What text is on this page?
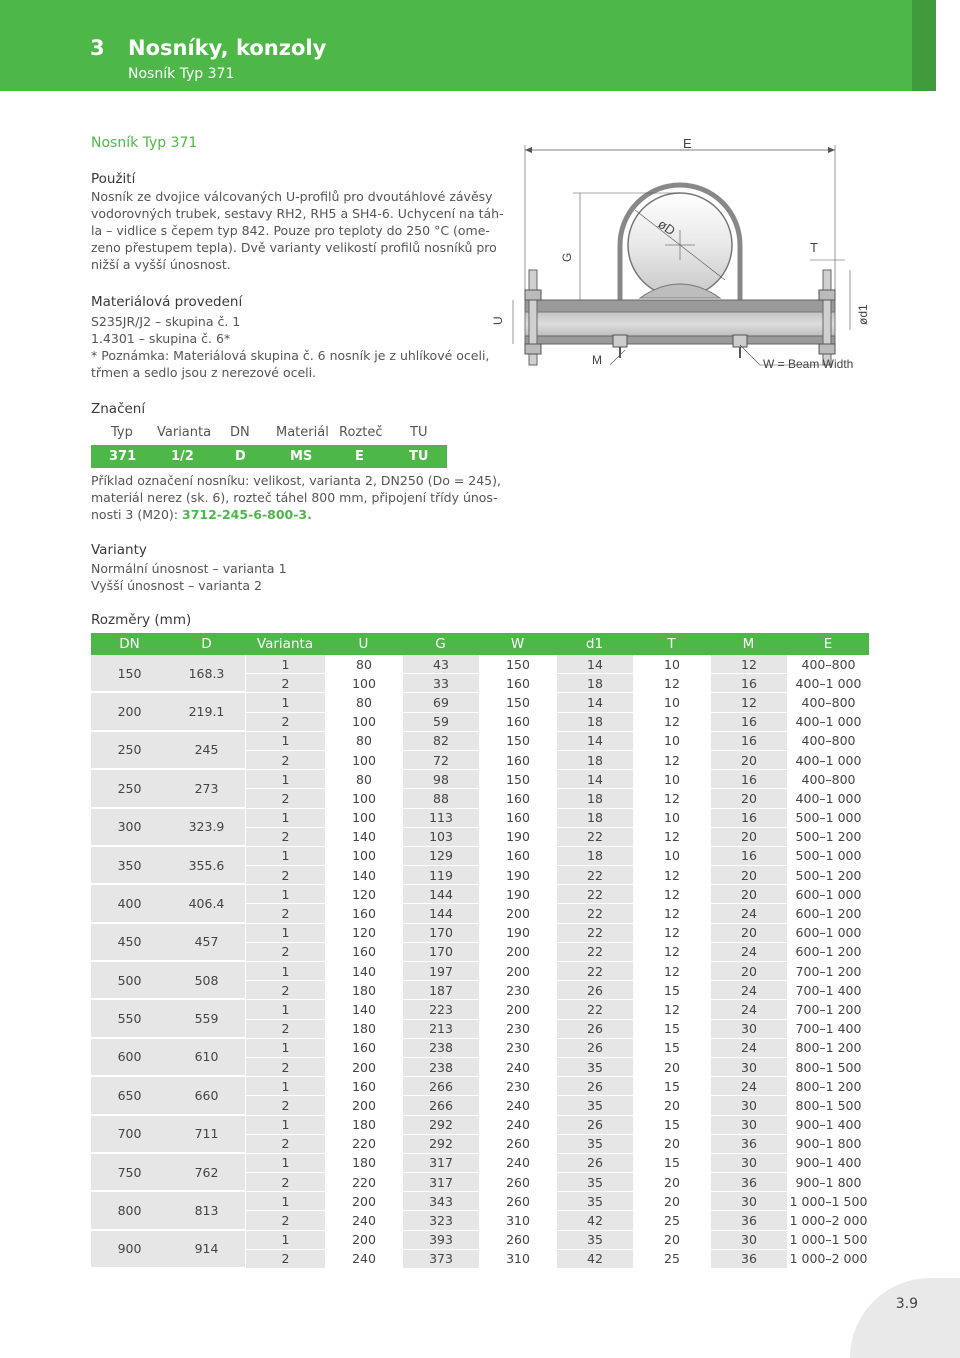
3 Nosníky, konzoly
Nosník Typ 371
Nosník Typ 371
Použití
Nosník ze dvojice válcovaných U-profilů pro dvoutáhlové závěsy
vodorovných trubek, sestavy RH2, RH5 a SH4-6. Uchycení na táh-
la – vidlice s čepem typ 842. Pouze pro teploty do 250 °C (ome-
zeno přestupem tepla). Dvě varianty velikostí profilů nosníků pro
nižší a vyšší únosnost.
Materiálová provedení
S235JR/J2 – skupina č. 1
1.4301 – skupina č. 6*
* Poznámka: Materiálová skupina č. 6 nosník je z uhlíkové oceli,
třmen a sedlo jsou z nerezové oceli.
E
øD
G
T
U	ød1
M	W = Beam Width
Značení
Typ Varianta DN Materiál Rozteč TU
371	1/2	D	MS	E	TU
Příklad označení nosníku: velikost, varianta 2, DN250 (Do = 245),
materiál nerez (sk. 6), rozteč táhel 800 mm, připojení třídy únos-
nosti 3 (M20): 3712-245-6-800-3.
Varianty
Normální únosnost – varianta 1
Vyšší únosnost – varianta 2
Rozměry (mm)
DN	D	Varianta	U	G	W	d1	T	M	E
150	168.3	1	80	43	150	14	10	12	400–800
		2	100	33	160	18	12	16	400–1 000
200	219.1	1	80	69	150	14	10	12	400–800
		2	100	59	160	18	12	16	400–1 000
250	245	1	80	82	150	14	10	16	400–800
		2	100	72	160	18	12	20	400–1 000
250	273	1	80	98	150	14	10	16	400–800
		2	100	88	160	18	12	20	400–1 000
300	323.9	1	100	113	160	18	10	16	500–1 000
		2	140	103	190	22	12	20	500–1 200
350	355.6	1	100	129	160	18	10	16	500–1 000
		2	140	119	190	22	12	20	500–1 200
400	406.4	1	120	144	190	22	12	20	600–1 000
		2	160	144	200	22	12	24	600–1 200
450	457	1	120	170	190	22	12	20	600–1 000
		2	160	170	200	22	12	24	600–1 200
500	508	1	140	197	200	22	12	20	700–1 200
		2	180	187	230	26	15	24	700–1 400
550	559	1	140	223	200	22	12	24	700–1 200
		2	180	213	230	26	15	30	700–1 400
600	610	1	160	238	230	26	15	24	800–1 200
		2	200	238	240	35	20	30	800–1 500
650	660	1	160	266	230	26	15	24	800–1 200
		2	200	266	240	35	20	30	800–1 500
700	711	1	180	292	240	26	15	30	900–1 400
		2	220	292	260	35	20	36	900–1 800
750	762	1	180	317	240	26	15	30	900–1 400
		2	220	317	260	35	20	36	900–1 800
800	813	1	200	343	260	35	20	30	1 000–1 500
		2	240	323	310	42	25	36	1 000–2 000
900	914	1	200	393	260	35	20	30	1 000–1 500
		2	240	373	310	42	25	36	1 000–2 000
3.9
